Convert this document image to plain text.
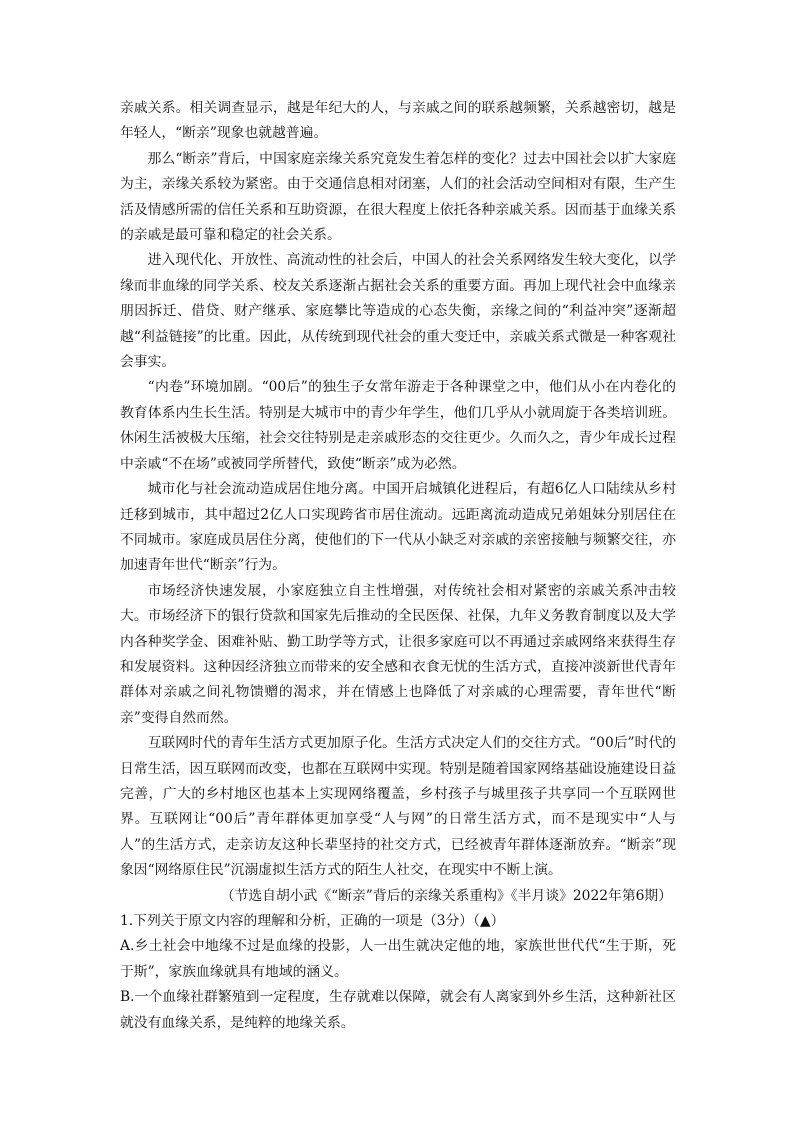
亲戚关系。相关调查显示，越是年纪大的人，与亲戚之间的联系越频繁，关系越密切，越是年轻人，“断亲”现象也就越普遍。

那么“断亲”背后，中国家庭亲缘关系究竟发生着怎样的变化？过去中国社会以扩大家庭为主，亲缘关系较为紧密。由于交通信息相对闭塞，人们的社会活动空间相对有限，生产生活及情感所需的信任关系和互助资源，在很大程度上依托各种亲戚关系。因而基于血缘关系的亲戚是最可靠和稳定的社会关系。

进入现代化、开放性、高流动性的社会后，中国人的社会关系网络发生较大变化，以学缘而非血缘的同学关系、校友关系逐渐占据社会关系的重要方面。再加上现代社会中血缘亲朋因拆迁、借贷、财产继承、家庭攀比等造成的心态失衡，亲缘之间的“利益冲突”逐渐超越“利益链接”的比重。因此，从传统到现代社会的重大变迁中，亲戚关系式微是一种客观社会事实。

“内卷”环境加剧。“00后”的独生子女常年游走于各种课堂之中，他们从小在内卷化的教育体系内生长生活。特别是大城市中的青少年学生，他们几乎从小就周旋于各类培训班。休闲生活被极大压缩，社会交往特别是走亲戚形态的交往更少。久而久之，青少年成长过程中亲戚“不在场”或被同学所替代，致使“断亲”成为必然。

城市化与社会流动造成居住地分离。中国开启城镇化进程后，有超6亿人口陆续从乡村迁移到城市，其中超过2亿人口实现跨省市居住流动。远距离流动造成兄弟姐妹分别居住在不同城市。家庭成员居住分离，使他们的下一代从小缺乏对亲戚的亲密接触与频繁交往，亦加速青年世代“断亲”行为。

市场经济快速发展，小家庭独立自主性增强，对传统社会相对紧密的亲戚关系冲击较大。市场经济下的银行贷款和国家先后推动的全民医保、社保，九年义务教育制度以及大学内各种奖学金、困难补贴、勤工助学等方式，让很多家庭可以不再通过亲戚网络来获得生存和发展资料。这种因经济独立而带来的安全感和衣食无忧的生活方式，直接冲淡新世代青年群体对亲戚之间礼物馈赠的渴求，并在情感上也降低了对亲戚的心理需要，青年世代“断亲”变得自然而然。

互联网时代的青年生活方式更加原子化。生活方式决定人们的交往方式。“00后”时代的日常生活，因互联网而改变，也都在互联网中实现。特别是随着国家网络基础设施建设日益完善，广大的乡村地区也基本上实现网络覆盖，乡村孩子与城里孩子共享同一个互联网世界。互联网让“00后”青年群体更加享受“人与网”的日常生活方式，而不是现实中“人与人”的生活方式，走亲访友这种长辈坚持的社交方式，已经被青年群体逐渐放弃。“断亲”现象因“网络原住民”沉溺虚拟生活方式的陌生人社交，在现实中不断上演。

（节选自胡小武《“断亲”背后的亲缘关系重构》《半月谈》2022年第6期）

1.下列关于原文内容的理解和分析，正确的一项是（3分）（▲）

A.乡土社会中地缘不过是血缘的投影，人一出生就决定他的地，家族世世代代“生于斯，死于斯”，家族血缘就具有地域的涵义。

B.一个血缘社群繁殖到一定程度，生存就难以保障，就会有人离家到外乡生活，这种新社区就没有血缘关系，是纯粹的地缘关系。
